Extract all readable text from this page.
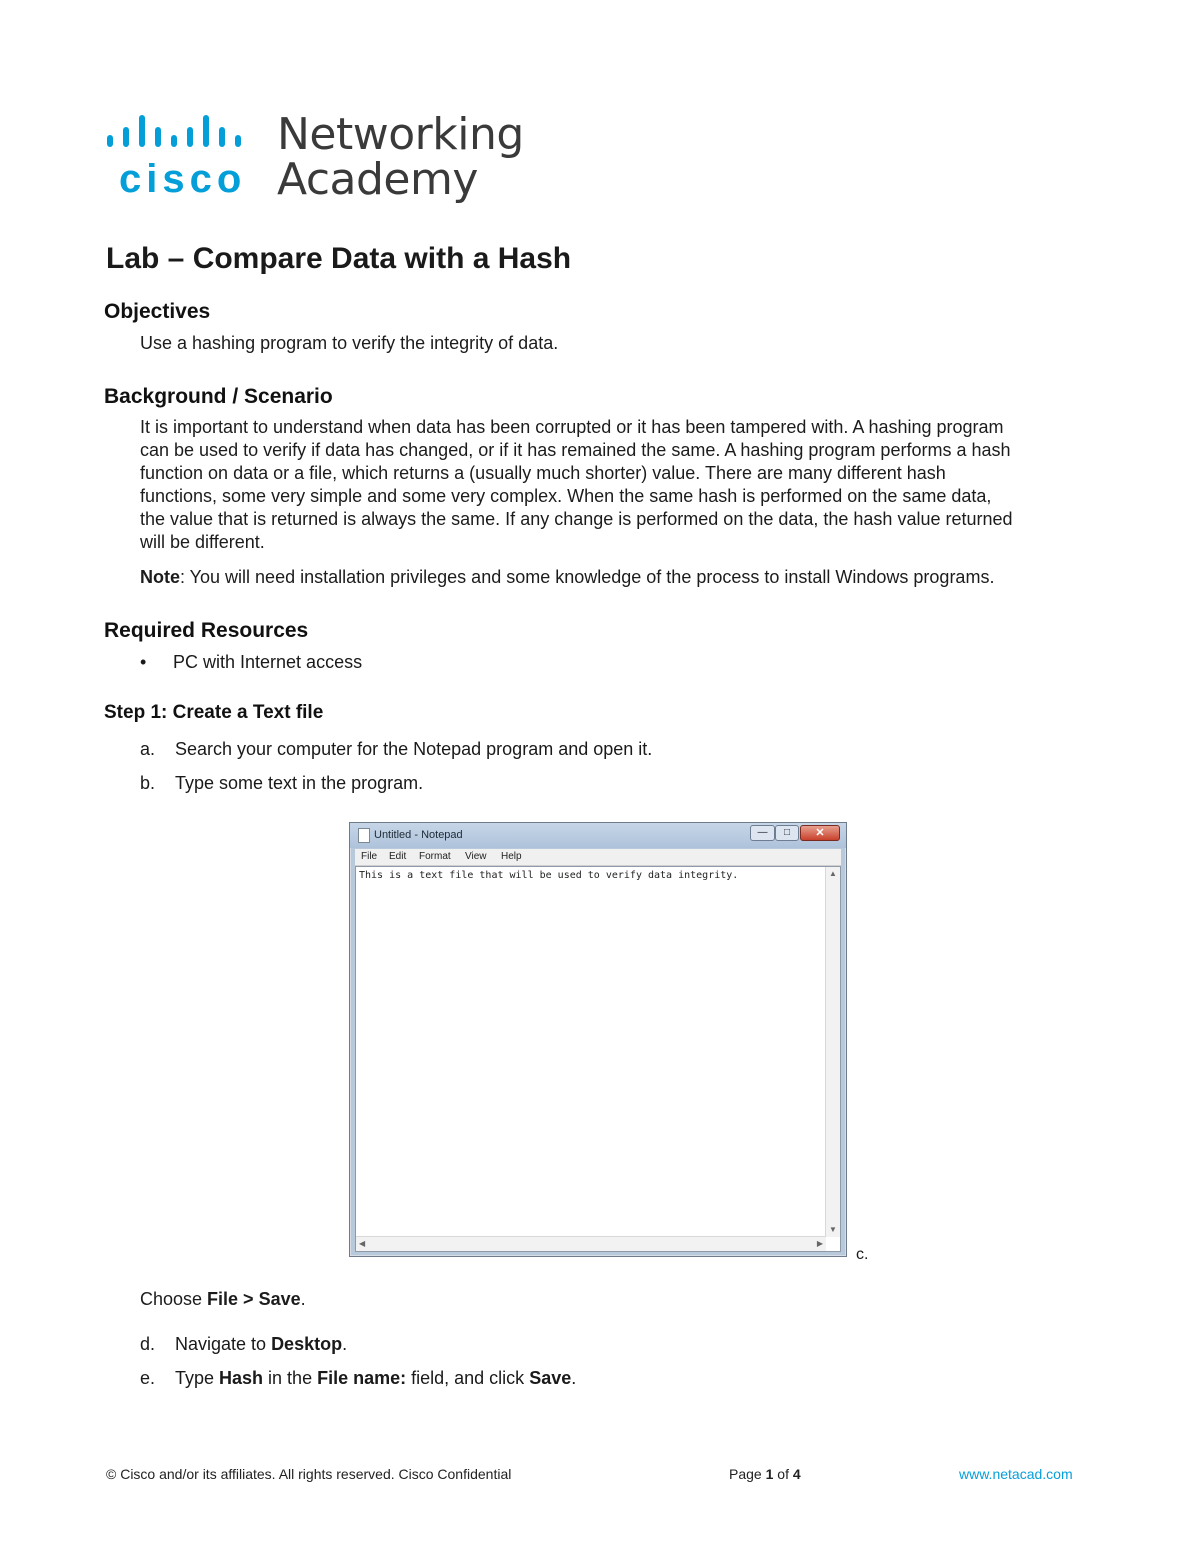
cisco
Networking
Academy
Lab – Compare Data with a Hash
Objectives

Use a hashing program to verify the integrity of data.

Background / Scenario
It is important to understand when data has been corrupted or it has been tampered with. A hashing program
can be used to verify if data has changed, or if it has remained the same. A hashing program performs a hash
function on data or a file, which returns a (usually much shorter) value. There are many different hash
functions, some very simple and some very complex. When the same hash is performed on the same data,
the value that is returned is always the same. If any change is performed on the data, the hash value returned
will be different.

Note: You will need installation privileges and some knowledge of the process to install Windows programs.

Required Resources
• PC with Internet access
Step 1: Create a Text file
a. Search your computer for the Notepad program and open it.
b. Type some text in the program.
Untitled - Notepad	—	□	✕
File Edit Format View Help
This is a text file that will be used to verify data integrity.	▲
▼
◀	▶
c.

Choose File > Save.

d. Navigate to Desktop.
e. Type Hash in the File name: field, and click Save.
© Cisco and/or its affiliates. All rights reserved. Cisco Confidential	Page 1 of 4	www.netacad.com
